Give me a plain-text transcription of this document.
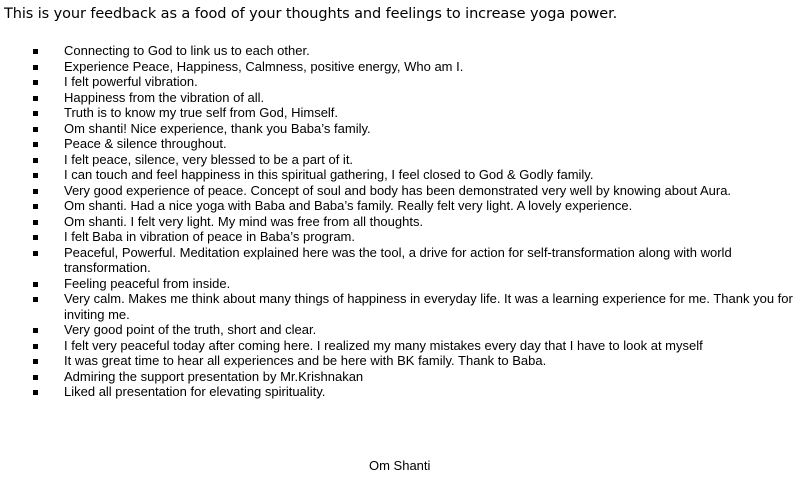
This is your feedback as a food of your thoughts and feelings to increase yoga power.
Connecting to God to link us to each other.
Experience Peace, Happiness, Calmness, positive energy, Who am I.
I felt powerful vibration.
Happiness from the vibration of all.
Truth is to know my true self from God, Himself.
Om shanti! Nice experience, thank you Baba’s family.
Peace & silence throughout.
I felt peace, silence, very blessed to be a part of it.
I can touch and feel happiness in this spiritual gathering, I feel closed to God & Godly family.
Very good experience of peace. Concept of soul and body has been demonstrated very well by knowing about Aura.
Om shanti. Had a nice yoga with Baba and Baba’s family. Really felt very light. A lovely experience.
Om shanti. I felt very light. My mind was free from all thoughts.
I felt Baba in vibration of peace in Baba’s program.
Peaceful, Powerful. Meditation explained here was the tool, a drive for action for self-transformation along with world transformation.
Feeling peaceful from inside.
Very calm. Makes me think about many things of happiness in everyday life. It was a learning experience for me. Thank you for inviting me.
Very good point of the truth, short and clear.
I felt very peaceful today after coming here. I realized my many mistakes every day that I have to look at myself
It was great time to hear all experiences and be here with BK family. Thank to Baba.
Admiring the support presentation by Mr.Krishnakan
Liked all presentation for elevating spirituality.
Om Shanti
